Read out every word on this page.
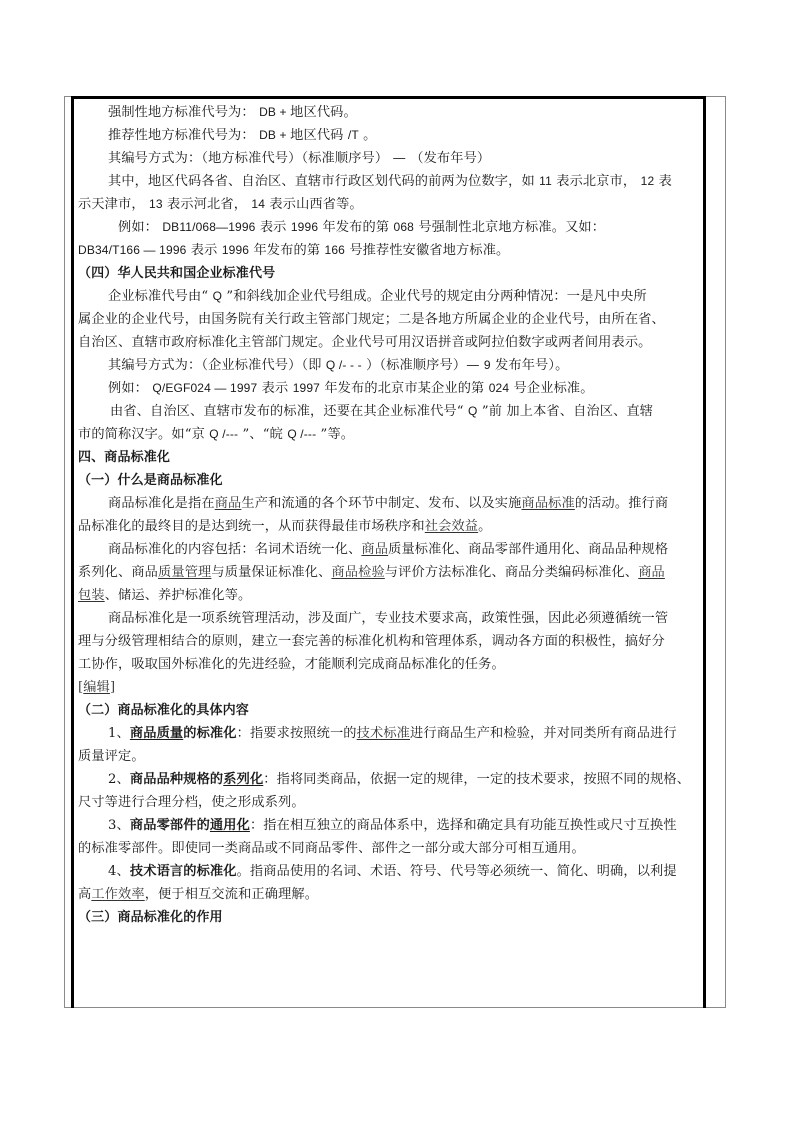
强制性地方标准代号为： DB + 地区代码。
推荐性地方标准代号为： DB + 地区代码 /T 。
其编号方式为：（地方标准代号）（标准顺序号） — （发布年号）
其中，地区代码各省、自治区、直辖市行政区划代码的前两为位数字，如 11 表示北京市， 12 表
示天津市， 13 表示河北省， 14 表示山西省等。
例如： DB11/068—1996 表示 1996 年发布的第 068 号强制性北京地方标准。又如：
DB34/T166 — 1996 表示 1996 年发布的第 166 号推荐性安徽省地方标准。
（四）华人民共和国企业标准代号
企业标准代号由“ Q ”和斜线加企业代号组成。企业代号的规定由分两种情况：一是凡中央所
属企业的企业代号，由国务院有关行政主管部门规定；二是各地方所属企业的企业代号，由所在省、
自治区、直辖市政府标准化主管部门规定。企业代号可用汉语拼音或阿拉伯数字或两者间用表示。
其编号方式为：（企业标准代号）（即 Q /- - - ）（标准顺序号）— 9 发布年号）。
例如： Q/EGF024 — 1997 表示 1997 年发布的北京市某企业的第 024 号企业标准。
由省、自治区、直辖市发布的标准，还要在其企业标准代号“ Q ”前 加上本省、自治区、直辖
市的简称汉字。如“京 Q /--- ”、“皖 Q /--- ”等。
四、商品标准化
（一）什么是商品标准化
商品标准化是指在商品生产和流通的各个环节中制定、发布、以及实施商品标准的活动。推行商
品标准化的最终目的是达到统一，从而获得最佳市场秩序和社会效益。
商品标准化的内容包括：名词术语统一化、商品质量标准化、商品零部件通用化、商品品种规格
系列化、商品质量管理与质量保证标准化、商品检验与评价方法标准化、商品分类编码标准化、商品
包装、储运、养护标准化等。
商品标准化是一项系统管理活动，涉及面广，专业技术要求高，政策性强，因此必须遵循统一管
理与分级管理相结合的原则，建立一套完善的标准化机构和管理体系，调动各方面的积极性，搞好分
工协作，吸取国外标准化的先进经验，才能顺利完成商品标准化的任务。
[编辑]
（二）商品标准化的具体内容
1、商品质量的标准化：指要求按照统一的技术标准进行商品生产和检验，并对同类所有商品进行
质量评定。
2、商品品种规格的系列化：指将同类商品，依据一定的规律，一定的技术要求，按照不同的规格、
尺寸等进行合理分档，使之形成系列。
3、商品零部件的通用化：指在相互独立的商品体系中，选择和确定具有功能互换性或尺寸互换性
的标准零部件。即使同一类商品或不同商品零件、部件之一部分或大部分可相互通用。
4、技术语言的标准化。指商品使用的名词、术语、符号、代号等必须统一、简化、明确，以利提
高工作效率，便于相互交流和正确理解。
（三）商品标准化的作用
